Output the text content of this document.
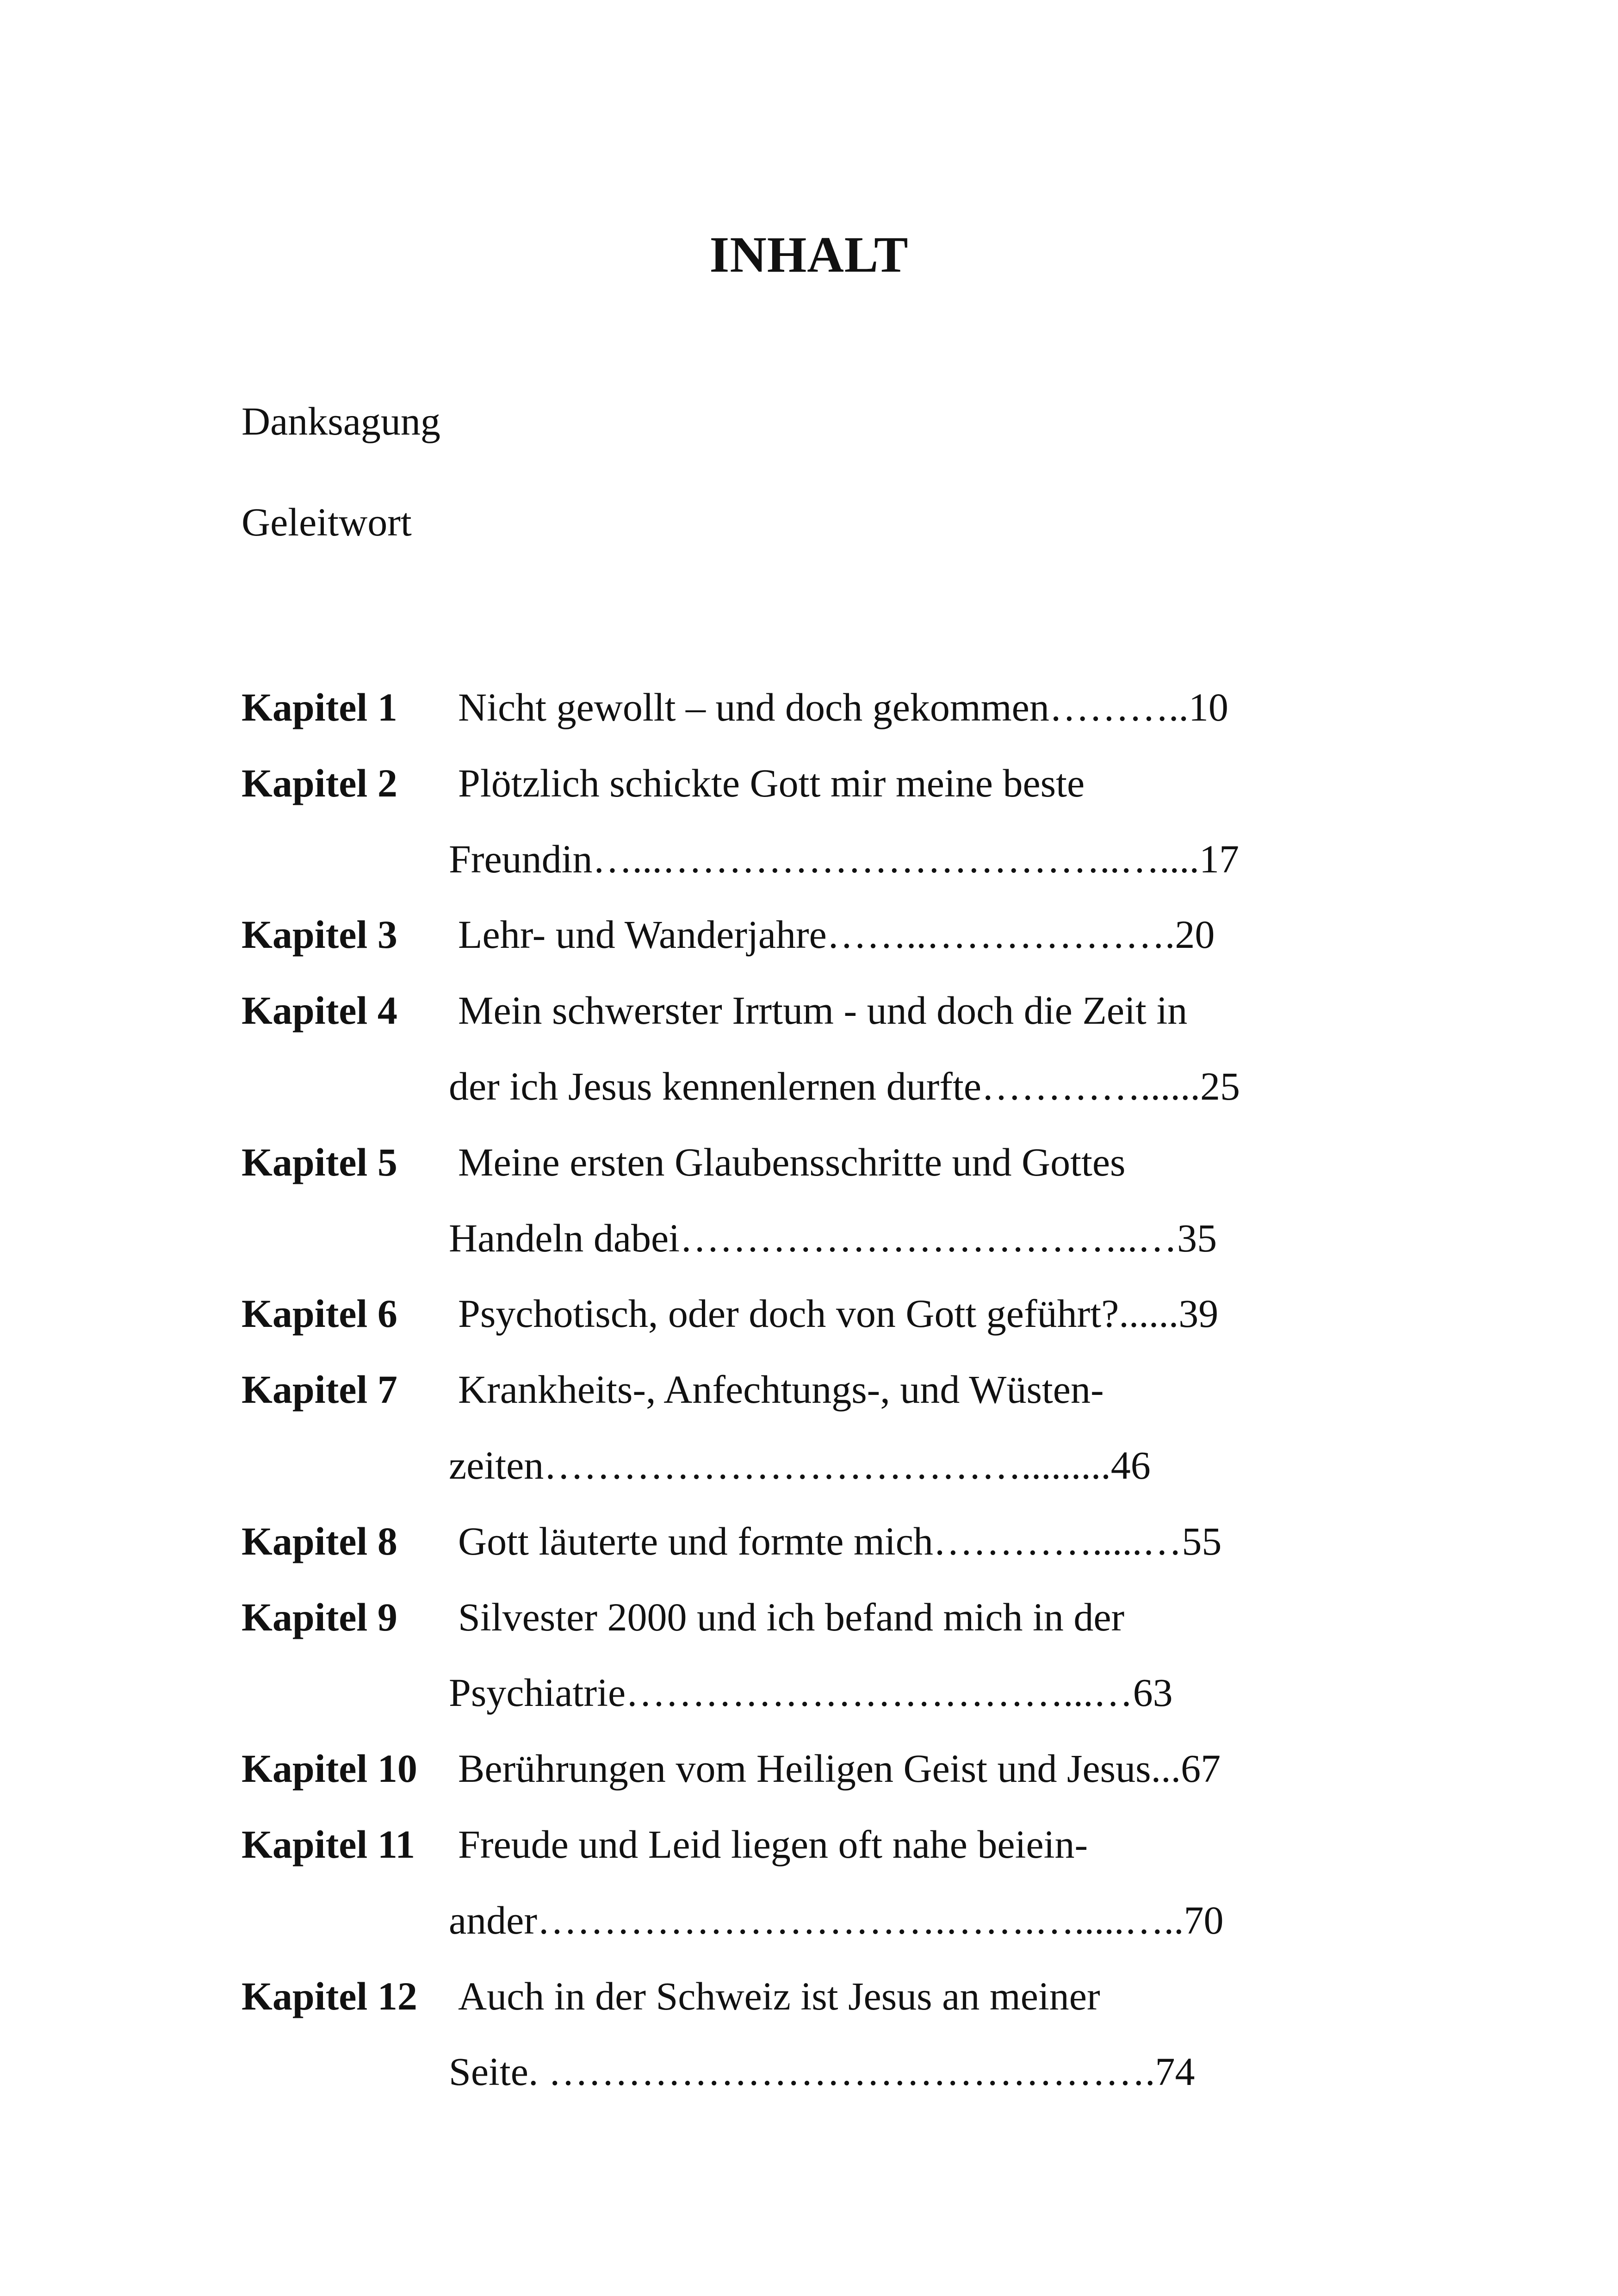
INHALT
Danksagung
Geleitwort
Kapitel 1 Nicht gewollt – und doch gekommen………..10
Kapitel 2 Plötzlich schickte Gott mir meine beste
Freundin…...……………………………..…....17
Kapitel 3 Lehr- und Wanderjahre……..……………….20
Kapitel 4 Mein schwerster Irrtum - und doch die Zeit in
der ich Jesus kennenlernen durfte…………......25
Kapitel 5 Meine ersten Glaubensschritte und Gottes
Handeln dabei……………………………..…35
Kapitel 6 Psychotisch, oder doch von Gott geführt?......39
Kapitel 7 Krankheits-, Anfechtungs-, und Wüsten-
zeiten……………………………….........46
Kapitel 8 Gott läuterte und formte mich………….....…55
Kapitel 9 Silvester 2000 und ich befand mich in der
Psychiatrie……………………………...…63
Kapitel 10 Berührungen vom Heiligen Geist und Jesus...67
Kapitel 11 Freude und Leid liegen oft nahe beiein-
ander………………………….…….….....…..70
Kapitel 12 Auch in der Schweiz ist Jesus an meiner
Seite. ……………………………………….74
